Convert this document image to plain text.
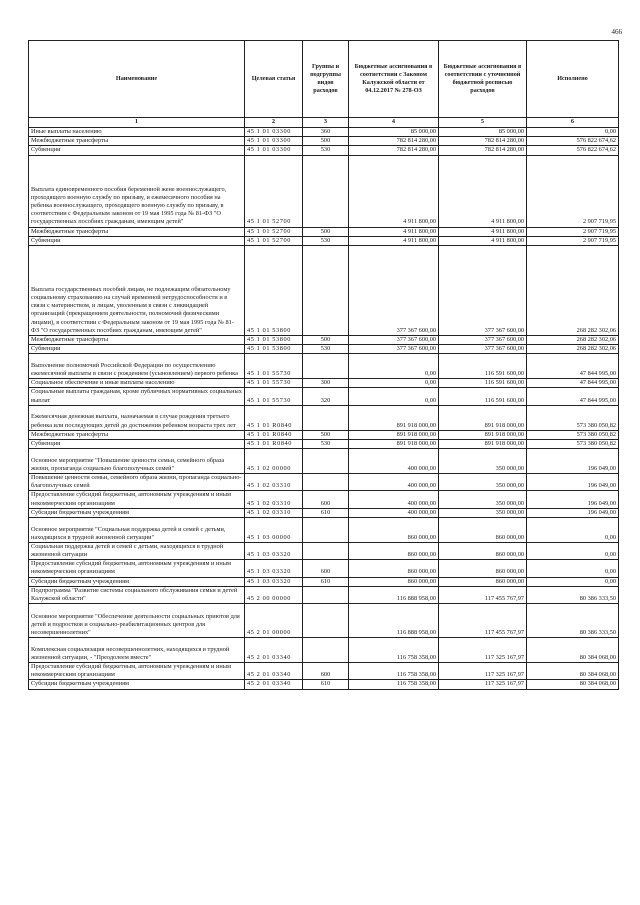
466
Наименование	Целевая статья	Группы и подгруппы видов расходов	Бюджетные ассигнования в соответствии с Законом Калужской области от 04.12.2017 № 278-ОЗ	Бюджетные ассигнования в соответствии с уточненной бюджетной росписью расходов	Исполнено
1	2	3	4	5	6
Иные выплаты населению	45 1 01 03300	360	85 000,00	85 000,00	0,00
Межбюджетные трансферты	45 1 01 03300	500	782 814 280,00	782 814 280,00	576 822 674,62
Субвенции	45 1 01 03300	530	782 814 280,00	782 814 280,00	576 822 674,62
Выплата единовременного пособия беременной жене военнослужащего, проходящего военную службу по призыву, и ежемесячного пособия на ребенка военнослужащего, проходящего военную службу по призыву, в соответствии с Федеральным законом от 19 мая 1995 года № 81-ФЗ "О государственных пособиях гражданам, имеющим детей"	45 1 01 52700		4 911 800,00	4 911 800,00	2 907 719,95
Межбюджетные трансферты	45 1 01 52700	500	4 911 800,00	4 911 800,00	2 907 719,95
Субвенции	45 1 01 52700	530	4 911 800,00	4 911 800,00	2 907 719,95
Выплата государственных пособий лицам, не подлежащим обязательному социальному страхованию на случай временной нетрудоспособности и в связи с материнством, и лицам, уволенным в связи с ликвидацией организаций (прекращением деятельности, полномочий физическими лицами), в соответствии с Федеральным законом от 19 мая 1995 года № 81-ФЗ "О государственных пособиях гражданам, имеющим детей"	45 1 01 53800		377 367 600,00	377 367 600,00	268 282 302,06
Межбюджетные трансферты	45 1 01 53800	500	377 367 600,00	377 367 600,00	268 282 302,06
Субвенции	45 1 01 53800	530	377 367 600,00	377 367 600,00	268 282 302,06
Выполнение полномочий Российской Федерации по осуществлению ежемесячной выплаты в связи с рождением (усыновлением) первого ребенка	45 1 01 55730		0,00	116 591 600,00	47 844 995,00
Социальное обеспечение и иные выплаты населению	45 1 01 55730	300	0,00	116 591 600,00	47 844 995,00
Социальные выплаты гражданам, кроме публичных нормативных социальных выплат	45 1 01 55730	320	0,00	116 591 600,00	47 844 995,00
Ежемесячная денежная выплата, назначаемая в случае рождения третьего ребенка или последующих детей до достижения ребенком возраста трех лет	45 1 01 R0840		891 918 000,00	891 918 000,00	573 380 050,82
Межбюджетные трансферты	45 1 01 R0840	500	891 918 000,00	891 918 000,00	573 380 050,82
Субвенции	45 1 01 R0840	530	891 918 000,00	891 918 000,00	573 380 050,82
Основное мероприятие "Повышение ценности семьи, семейного образа жизни, пропаганда социально благополучных семей"	45 1 02 00000		400 000,00	350 000,00	196 049,00
Повышение ценности семьи, семейного образа жизни, пропаганда социально-благополучных семей	45 1 02 03310		400 000,00	350 000,00	196 049,00
Предоставление субсидий бюджетным, автономным учреждениям и иным некоммерческим организациям	45 1 02 03310	600	400 000,00	350 000,00	196 049,00
Субсидии бюджетным учреждениям	45 1 02 03310	610	400 000,00	350 000,00	196 049,00
Основное мероприятие "Социальная поддержка детей и семей с детьми, находящихся в трудной жизненной ситуации"	45 1 03 00000		860 000,00	860 000,00	0,00
Социальная поддержка детей и семей с детьми, находящихся в трудной жизненной ситуации	45 1 03 03320		860 000,00	860 000,00	0,00
Предоставление субсидий бюджетным, автономным учреждениям и иным некоммерческим организациям	45 1 03 03320	600	860 000,00	860 000,00	0,00
Субсидии бюджетным учреждениям	45 1 03 03320	610	860 000,00	860 000,00	0,00
Подпрограмма "Развитие системы социального обслуживания семьи и детей Калужской области"	45 2 00 00000		116 888 958,00	117 455 767,97	80 386 333,50
Основное мероприятие "Обеспечение деятельности социальных приютов для детей и подростков и социально-реабилитационных центров для несовершеннолетних"	45 2 01 00000		116 888 958,00	117 455 767,97	80 386 333,50
Комплексная социализация несовершеннолетних, находящихся в трудной жизненной ситуации, - "Преодолеем вместе"	45 2 01 03340		116 758 358,00	117 325 167,97	80 384 068,00
Предоставление субсидий бюджетным, автономным учреждениям и иным некоммерческим организациям	45 2 01 03340	600	116 758 358,00	117 325 167,97	80 384 068,00
Субсидии бюджетным учреждениям	45 2 01 03340	610	116 758 358,00	117 325 167,97	80 384 068,00
